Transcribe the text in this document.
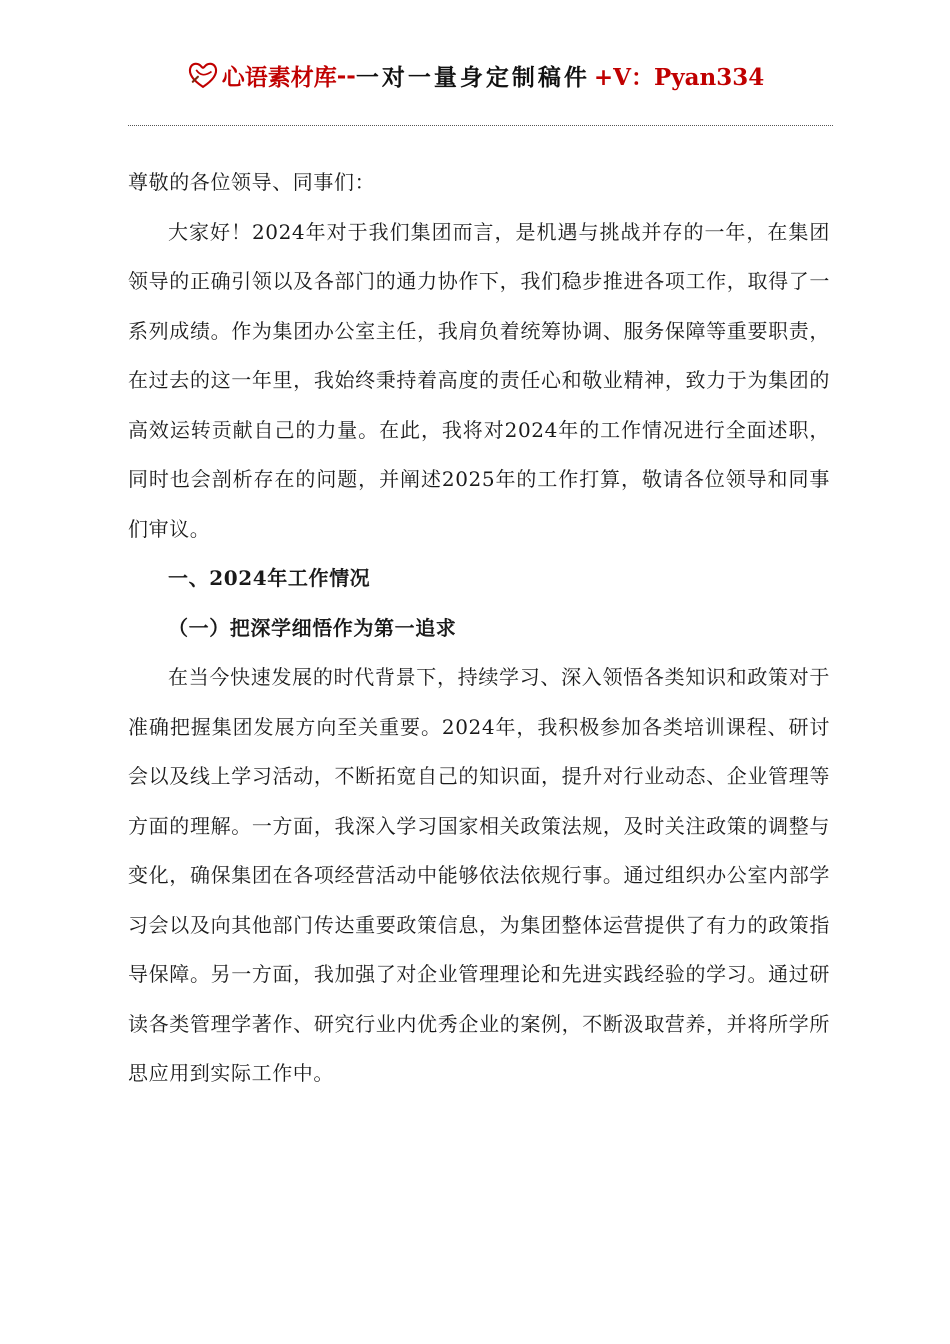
心语素材库 -- 一对一量身定制稿件 +V：Pyan334

尊敬的各位领导、同事们：

大家好！2024年对于我们集团而言，是机遇与挑战并存的一年，在集团领导的正确引领以及各部门的通力协作下，我们稳步推进各项工作，取得了一系列成绩。作为集团办公室主任，我肩负着统筹协调、服务保障等重要职责，在过去的这一年里，我始终秉持着高度的责任心和敬业精神，致力于为集团的高效运转贡献自己的力量。在此，我将对2024年的工作情况进行全面述职，同时也会剖析存在的问题，并阐述2025年的工作打算，敬请各位领导和同事们审议。

一、2024年工作情况

（一）把深学细悟作为第一追求

在当今快速发展的时代背景下，持续学习、深入领悟各类知识和政策对于准确把握集团发展方向至关重要。2024年，我积极参加各类培训课程、研讨会以及线上学习活动，不断拓宽自己的知识面，提升对行业动态、企业管理等方面的理解。一方面，我深入学习国家相关政策法规，及时关注政策的调整与变化，确保集团在各项经营活动中能够依法依规行事。通过组织办公室内部学习会以及向其他部门传达重要政策信息，为集团整体运营提供了有力的政策指导保障。另一方面，我加强了对企业管理理论和先进实践经验的学习。通过研读各类管理学著作、研究行业内优秀企业的案例，不断汲取营养，并将所学所思应用到实际工作中。
